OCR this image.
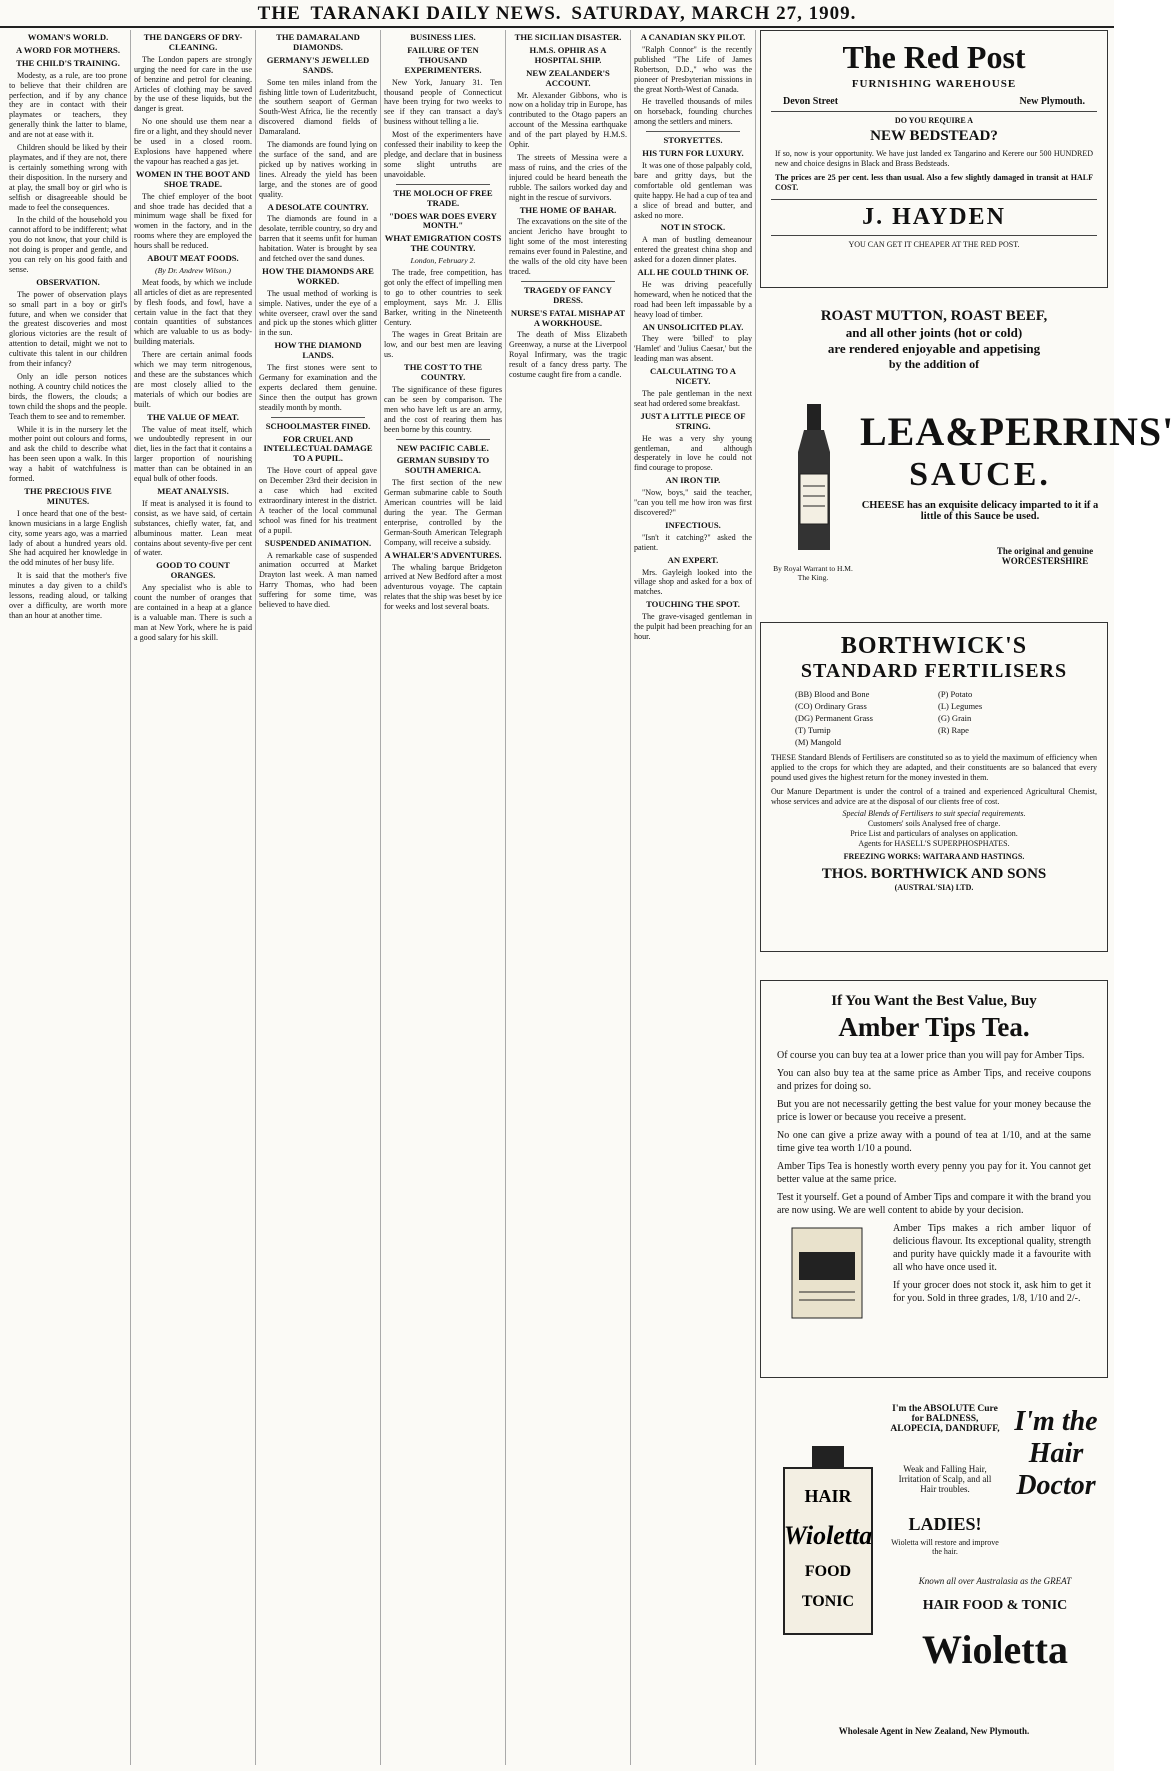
THE TARANAKI DAILY NEWS. SATURDAY, MARCH 27, 1909.
WOMAN'S WORLD.
A WORD FOR MOTHERS.
THE CHILD'S TRAINING.

Modesty, as a rule, are too prone to believe that their children are perfection, and if by any chance they are in contact with their playmates or teachers, they generally think the latter to blame, and are not at ease with it.

Children should be liked by their playmates, and if they are not, there is certainly something wrong with their disposition. In the nursery and at play, the small boy or girl who is selfish or disagreeable should be made to feel the consequences.

In the child of the household you cannot afford to be indifferent; what you do not know, that your child is not doing is proper and gentle, and you can rely on his good faith and sense.

OBSERVATION.

The power of observation plays so small part in a boy or girl's future, and when we consider that the greatest discoveries and most glorious victories are the result of attention to detail, might we not to cultivate this talent in our children from their infancy?

Only an idle person notices nothing. A country child notices the birds, the flowers, the clouds; a town child the shops and the people. Teach them to see and to remember.

While it is in the nursery let the mother point out colours and forms, and ask the child to describe what has been seen upon a walk. In this way a habit of watchfulness is formed.

THE PRECIOUS FIVE MINUTES.

I once heard that one of the best-known musicians in a large English city, some years ago, was a married lady of about a hundred years old. She had acquired her knowledge in the odd minutes of her busy life.

It is said that the mother's five minutes a day given to a child's lessons, reading aloud, or talking over a difficulty, are worth more than an hour at another time.

THE DANGERS OF DRY-CLEANING.

The London papers are strongly urging the need for care in the use of benzine and petrol for cleaning. Articles of clothing may be saved by the use of these liquids, but the danger is great.

No one should use them near a fire or a light, and they should never be used in a closed room. Explosions have happened where the vapour has reached a gas jet.

WOMEN IN THE BOOT AND SHOE TRADE.

The chief employer of the boot and shoe trade has decided that a minimum wage shall be fixed for women in the factory, and in the rooms where they are employed the hours shall be reduced.

ABOUT MEAT FOODS.
(By Dr. Andrew Wilson.)

Meat foods, by which we include all articles of diet as are represented by flesh foods, and fowl, have a certain value in the fact that they contain quantities of substances which are valuable to us as body-building materials.

There are certain animal foods which we may term nitrogenous, and these are the substances which are most closely allied to the materials of which our bodies are built.

THE VALUE OF MEAT.

The value of meat itself, which we undoubtedly represent in our diet, lies in the fact that it contains a larger proportion of nourishing matter than can be obtained in an equal bulk of other foods.

MEAT ANALYSIS.

If meat is analysed it is found to consist, as we have said, of certain substances, chiefly water, fat, and albuminous matter. Lean meat contains about seventy-five per cent of water.

GOOD TO COUNT ORANGES.

Any specialist who is able to count the number of oranges that are contained in a heap at a glance is a valuable man. There is such a man at New York, where he is paid a good salary for his skill.

THE DAMARALAND DIAMONDS.
GERMANY'S JEWELLED SANDS.

Some ten miles inland from the fishing little town of Luderitzbucht, the southern seaport of German South-West Africa, lie the recently discovered diamond fields of Damaraland.

The diamonds are found lying on the surface of the sand, and are picked up by natives working in lines. Already the yield has been large, and the stones are of good quality.

A DESOLATE COUNTRY.

The diamonds are found in a desolate, terrible country, so dry and barren that it seems unfit for human habitation. Water is brought by sea and fetched over the sand dunes.

HOW THE DIAMONDS ARE WORKED.

The usual method of working is simple. Natives, under the eye of a white overseer, crawl over the sand and pick up the stones which glitter in the sun.

HOW THE DIAMOND LANDS.

The first stones were sent to Germany for examination and the experts declared them genuine. Since then the output has grown steadily month by month.

SCHOOLMASTER FINED.
FOR CRUEL AND INTELLECTUAL DAMAGE TO A PUPIL.

The Hove court of appeal gave on December 23rd their decision in a case which had excited extraordinary interest in the district. A teacher of the local communal school was fined for his treatment of a pupil.

SUSPENDED ANIMATION.

A remarkable case of suspended animation occurred at Market Drayton last week. A man named Harry Thomas, who had been suffering for some time, was believed to have died.

BUSINESS LIES.
FAILURE OF TEN THOUSAND EXPERIMENTERS.

New York, January 31. Ten thousand people of Connecticut have been trying for two weeks to see if they can transact a day's business without telling a lie.

Most of the experimenters have confessed their inability to keep the pledge, and declare that in business some slight untruths are unavoidable.

THE MOLOCH OF FREE TRADE.
"DOES WAR DOES EVERY MONTH."
WHAT EMIGRATION COSTS THE COUNTRY.
London, February 2.

The trade, free competition, has got only the effect of impelling men to go to other countries to seek employment, says Mr. J. Ellis Barker, writing in the Nineteenth Century.

The wages in Great Britain are low, and our best men are leaving us.

THE COST TO THE COUNTRY.

The significance of these figures can be seen by comparison. The men who have left us are an army, and the cost of rearing them has been borne by this country.

NEW PACIFIC CABLE.
GERMAN SUBSIDY TO SOUTH AMERICA.

The first section of the new German submarine cable to South American countries will be laid during the year. The German enterprise, controlled by the German-South American Telegraph Company, will receive a subsidy.

A WHALER'S ADVENTURES.

The whaling barque Bridgeton arrived at New Bedford after a most adventurous voyage. The captain relates that the ship was beset by ice for weeks and lost several boats.

THE SICILIAN DISASTER.
H.M.S. OPHIR AS A HOSPITAL SHIP.
NEW ZEALANDER'S ACCOUNT.

Mr. Alexander Gibbons, who is now on a holiday trip in Europe, has contributed to the Otago papers an account of the Messina earthquake and of the part played by H.M.S. Ophir.

The streets of Messina were a mass of ruins, and the cries of the injured could be heard beneath the rubble. The sailors worked day and night in the rescue of survivors.

THE HOME OF BAHAR.

The excavations on the site of the ancient Jericho have brought to light some of the most interesting remains ever found in Palestine, and the walls of the old city have been traced.

TRAGEDY OF FANCY DRESS.
NURSE'S FATAL MISHAP AT A WORKHOUSE.

The death of Miss Elizabeth Greenway, a nurse at the Liverpool Royal Infirmary, was the tragic result of a fancy dress party. The costume caught fire from a candle.

A CANADIAN SKY PILOT.

"Ralph Connor" is the recently published "The Life of James Robertson, D.D.," who was the pioneer of Presbyterian missions in the great North-West of Canada.

He travelled thousands of miles on horseback, founding churches among the settlers and miners.

STORYETTES.
HIS TURN FOR LUXURY.

It was one of those palpably cold, bare and gritty days, but the comfortable old gentleman was quite happy. He had a cup of tea and a slice of bread and butter, and asked no more.

NOT IN STOCK.

A man of bustling demeanour entered the greatest china shop and asked for a dozen dinner plates.

ALL HE COULD THINK OF.

He was driving peacefully homeward, when he noticed that the road had been left impassable by a heavy load of timber.

AN UNSOLICITED PLAY.

They were 'billed' to play 'Hamlet' and 'Julius Caesar,' but the leading man was absent.

CALCULATING TO A NICETY.

The pale gentleman in the next seat had ordered some breakfast.

JUST A LITTLE PIECE OF STRING.

He was a very shy young gentleman, and although desperately in love he could not find courage to propose.

AN IRON TIP.

"Now, boys," said the teacher, "can you tell me how iron was first discovered?"

INFECTIOUS.

"Isn't it catching?" asked the patient.

AN EXPERT.

Mrs. Gayleigh looked into the village shop and asked for a box of matches.

TOUCHING THE SPOT.

The grave-visaged gentleman in the pulpit had been preaching for an hour.

The Red Post
FURNISHING WAREHOUSE
Devon Street	New Plymouth.
DO YOU REQUIRE A
NEW BEDSTEAD?
If so, now is your opportunity. We have just landed ex Tangarino and Kerere our 500 HUNDRED new and choice designs in Black and Brass Bedsteads.
The prices are 25 per cent. less than usual. Also a few slightly damaged in transit at HALF COST.
J. HAYDEN
YOU CAN GET IT CHEAPER AT THE RED POST.
ROAST MUTTON, ROAST BEEF,
and all other joints (hot or cold)
are rendered enjoyable and appetising
by the addition of
LEA&PERRINS'
SAUCE.
CHEESE has an exquisite delicacy imparted to it if a little of this Sauce be used.
By Royal Warrant to H.M. The King.
The original and genuine WORCESTERSHIRE
BORTHWICK'S
STANDARD FERTILISERS
(BB) Blood and Bone	(P) Potato
(CO) Ordinary Grass	(L) Legumes
(DG) Permanent Grass	(G) Grain
(T) Turnip	(R) Rape
(M) Mangold
THESE Standard Blends of Fertilisers are constituted so as to yield the maximum of efficiency when applied to the crops for which they are adapted, and their constituents are so balanced that every pound used gives the highest return for the money invested in them.
Our Manure Department is under the control of a trained and experienced Agricultural Chemist, whose services and advice are at the disposal of our clients free of cost.
Special Blends of Fertilisers to suit special requirements.
Customers' soils Analysed free of charge.
Price List and particulars of analyses on application.
Agents for HASELL'S SUPERPHOSPHATES.
FREEZING WORKS: WAITARA AND HASTINGS.
THOS. BORTHWICK AND SONS
(AUSTRAL'SIA) LTD.
If You Want the Best Value, Buy
Amber Tips Tea.

Of course you can buy tea at a lower price than you will pay for Amber Tips.

You can also buy tea at the same price as Amber Tips, and receive coupons and prizes for doing so.

But you are not necessarily getting the best value for your money because the price is lower or because you receive a present.

No one can give a prize away with a pound of tea at 1/10, and at the same time give tea worth 1/10 a pound.

Amber Tips Tea is honestly worth every penny you pay for it. You cannot get better value at the same price.

Test it yourself. Get a pound of Amber Tips and compare it with the brand you are now using. We are well content to abide by your decision.

Amber Tips makes a rich amber liquor of delicious flavour. Its exceptional quality, strength and purity have quickly made it a favourite with all who have once used it.

If your grocer does not stock it, ask him to get it for you. Sold in three grades, 1/8, 1/10 and 2/-.

HAIR
Wioletta
FOOD
TONIC
I'm the ABSOLUTE Cure for BALDNESS, ALOPECIA, DANDRUFF,
Weak and Falling Hair, Irritation of Scalp, and all Hair troubles.
LADIES!
Wioletta will restore and improve the hair.
Known all over Australasia as the GREAT
HAIR FOOD & TONIC
Wioletta
I'm the Hair Doctor
Wholesale Agent in New Zealand, New Plymouth.
